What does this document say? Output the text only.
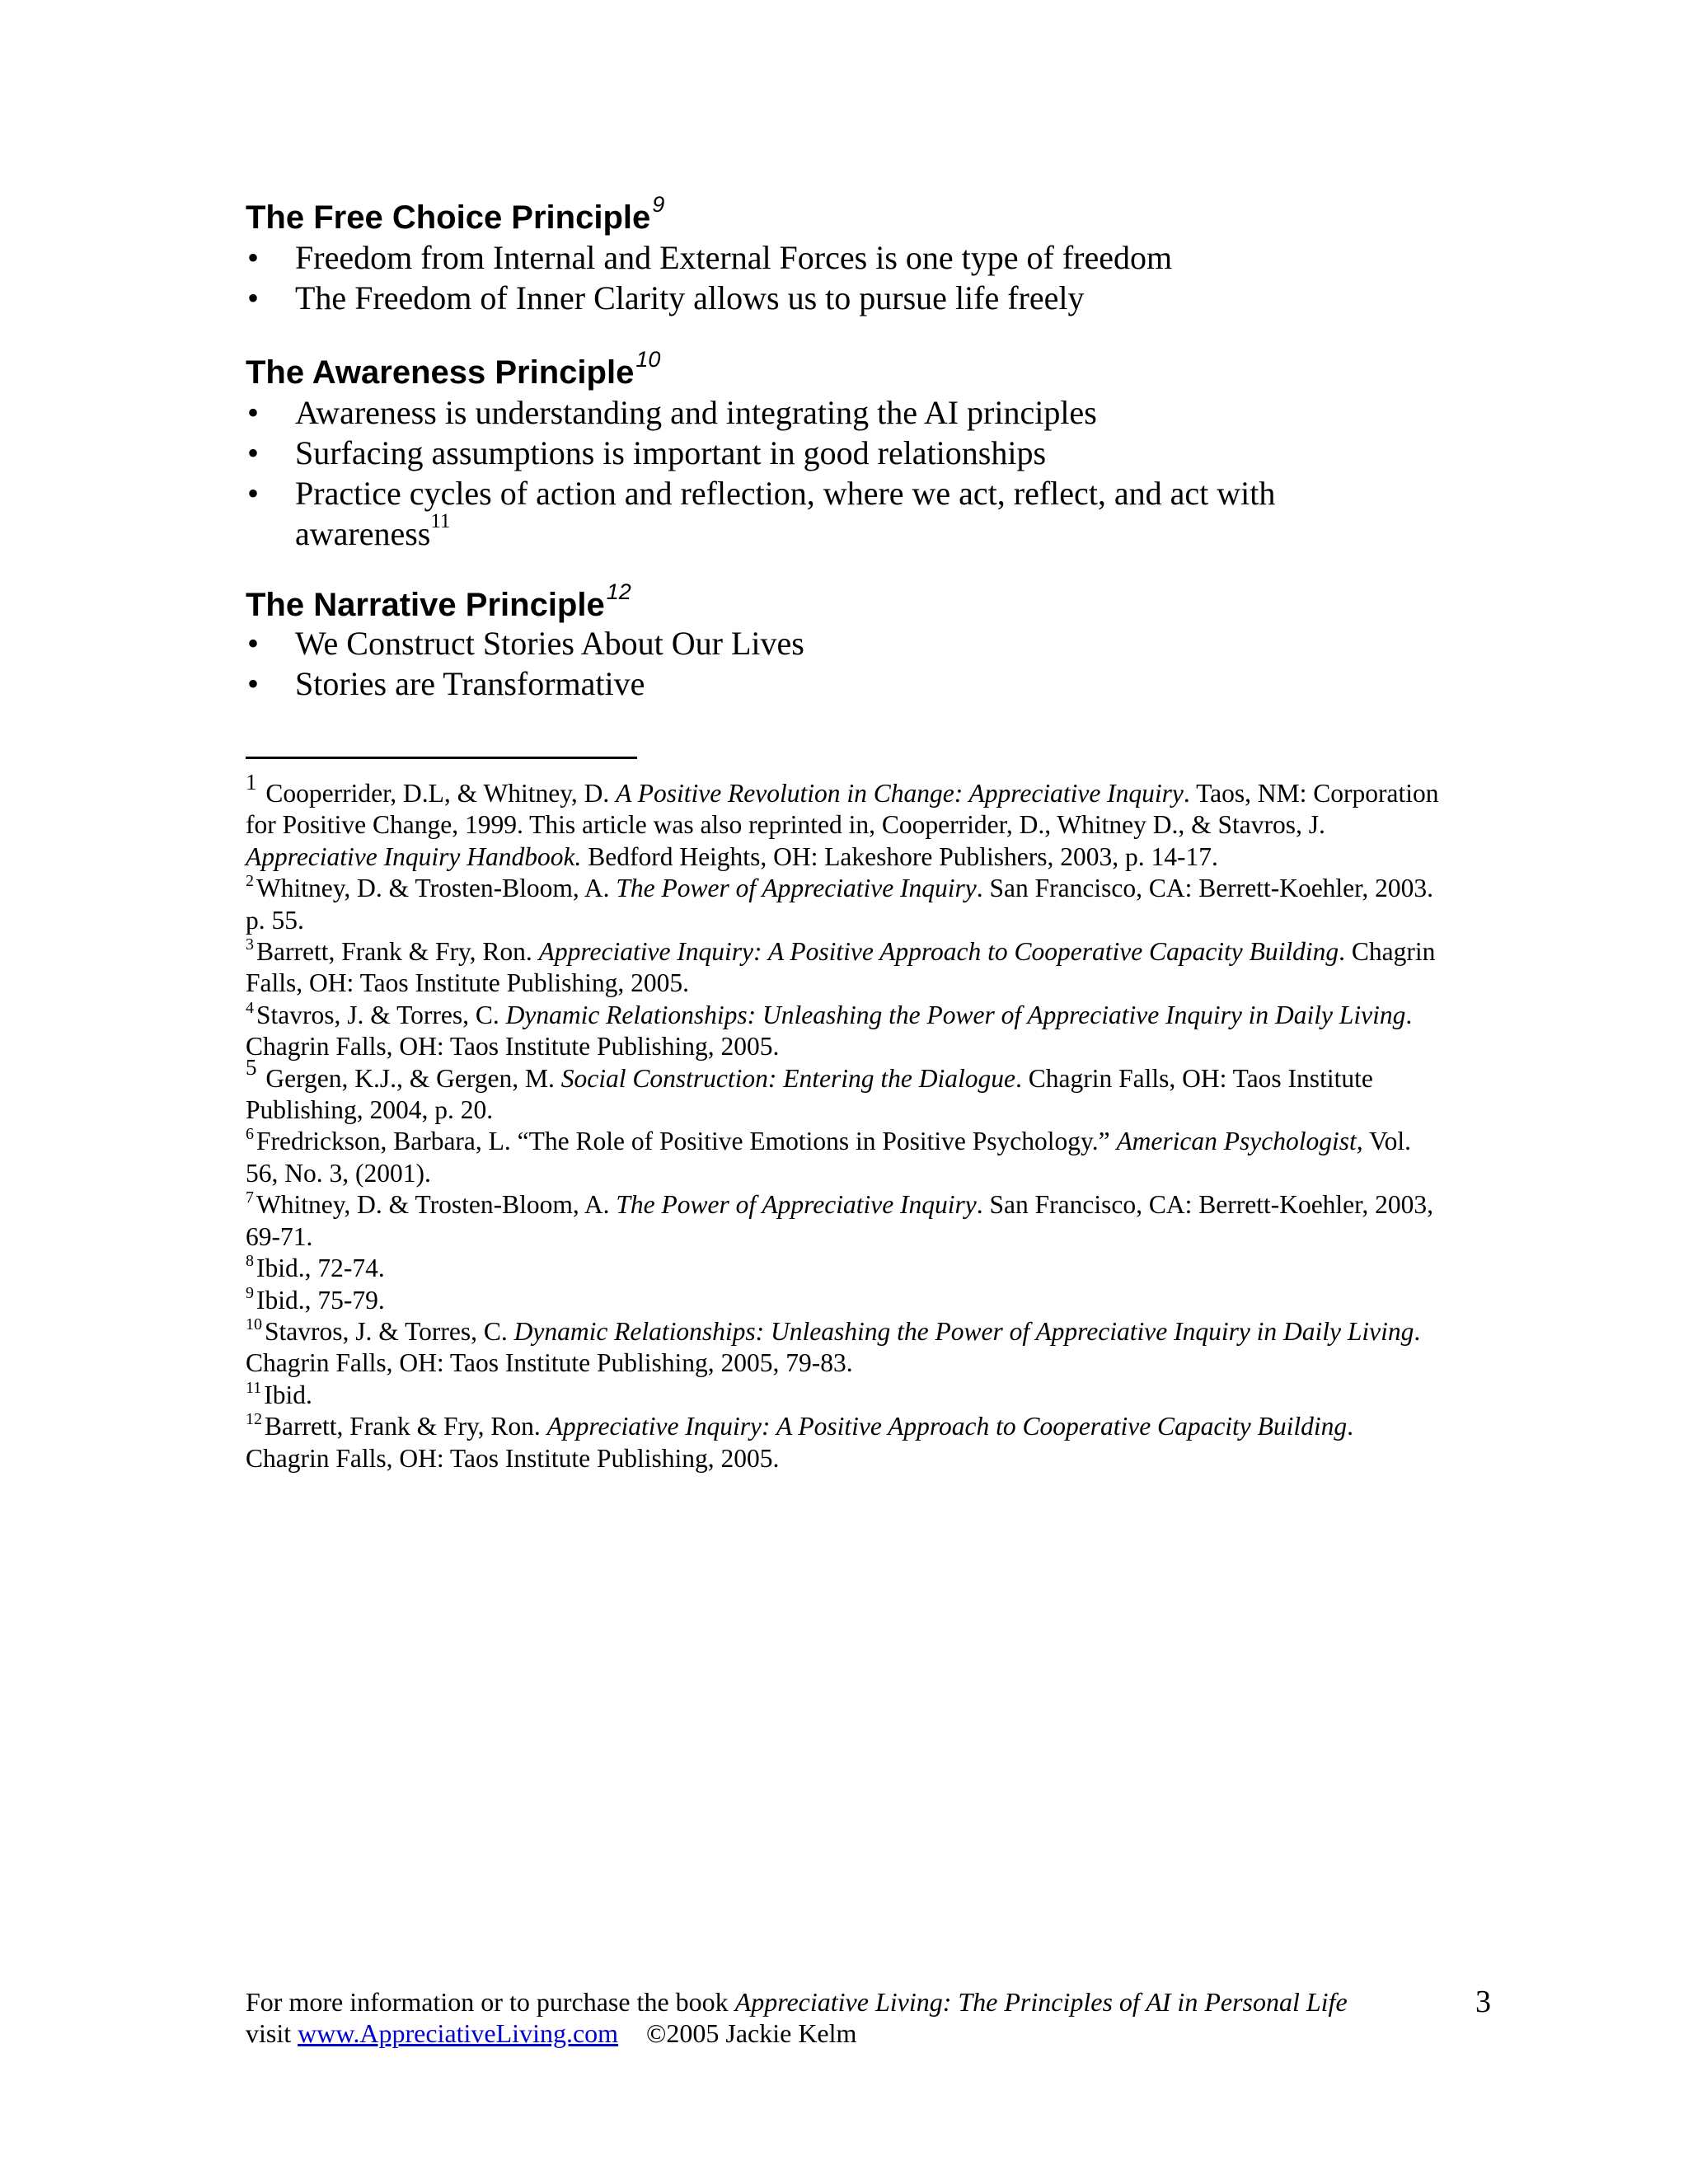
The Free Choice Principle$^9$
• Freedom from Internal and External Forces is one type of freedom
• The Freedom of Inner Clarity allows us to pursue life freely
The Awareness Principle$^{10}$
• Awareness is understanding and integrating the AI principles
• Surfacing assumptions is important in good relationships
• Practice cycles of action and reflection, where we act, reflect, and act with awareness$^{11}$
The Narrative Principle$^{12}$
• We Construct Stories About Our Lives
• Stories are Transformative

$^1$ Cooperrider, D.L, & Whitney, D. A Positive Revolution in Change: Appreciative Inquiry. Taos, NM: Corporation for Positive Change, 1999. This article was also reprinted in, Cooperrider, D., Whitney D., & Stavros, J. Appreciative Inquiry Handbook. Bedford Heights, OH: Lakeshore Publishers, 2003, p. 14-17.

$^2$Whitney, D. & Trosten-Bloom, A. The Power of Appreciative Inquiry. San Francisco, CA: Berrett-Koehler, 2003.
p. 55.

$^3$Barrett, Frank & Fry, Ron. Appreciative Inquiry: A Positive Approach to Cooperative Capacity Building. Chagrin Falls, OH: Taos Institute Publishing, 2005.

$^4$Stavros, J. & Torres, C. Dynamic Relationships: Unleashing the Power of Appreciative Inquiry in Daily Living. Chagrin Falls, OH: Taos Institute Publishing, 2005.

$^5$ Gergen, K.J., & Gergen, M. Social Construction: Entering the Dialogue. Chagrin Falls, OH: Taos Institute Publishing, 2004, p. 20.

$^6$Fredrickson, Barbara, L. “The Role of Positive Emotions in Positive Psychology.” American Psychologist, Vol. 56, No. 3, (2001).

$^7$Whitney, D. & Trosten-Bloom, A. The Power of Appreciative Inquiry. San Francisco, CA: Berrett-Koehler, 2003, 69-71.

$^8$Ibid., 72-74.

$^9$Ibid., 75-79.

$^{10}$Stavros, J. & Torres, C. Dynamic Relationships: Unleashing the Power of Appreciative Inquiry in Daily Living. Chagrin Falls, OH: Taos Institute Publishing, 2005, 79-83.

$^{11}$Ibid.

$^{12}$Barrett, Frank & Fry, Ron. Appreciative Inquiry: A Positive Approach to Cooperative Capacity Building. Chagrin Falls, OH: Taos Institute Publishing, 2005.

For more information or to purchase the book Appreciative Living: The Principles of AI in Personal Life
visit www.AppreciativeLiving.com ©2005 Jackie Kelm
3
